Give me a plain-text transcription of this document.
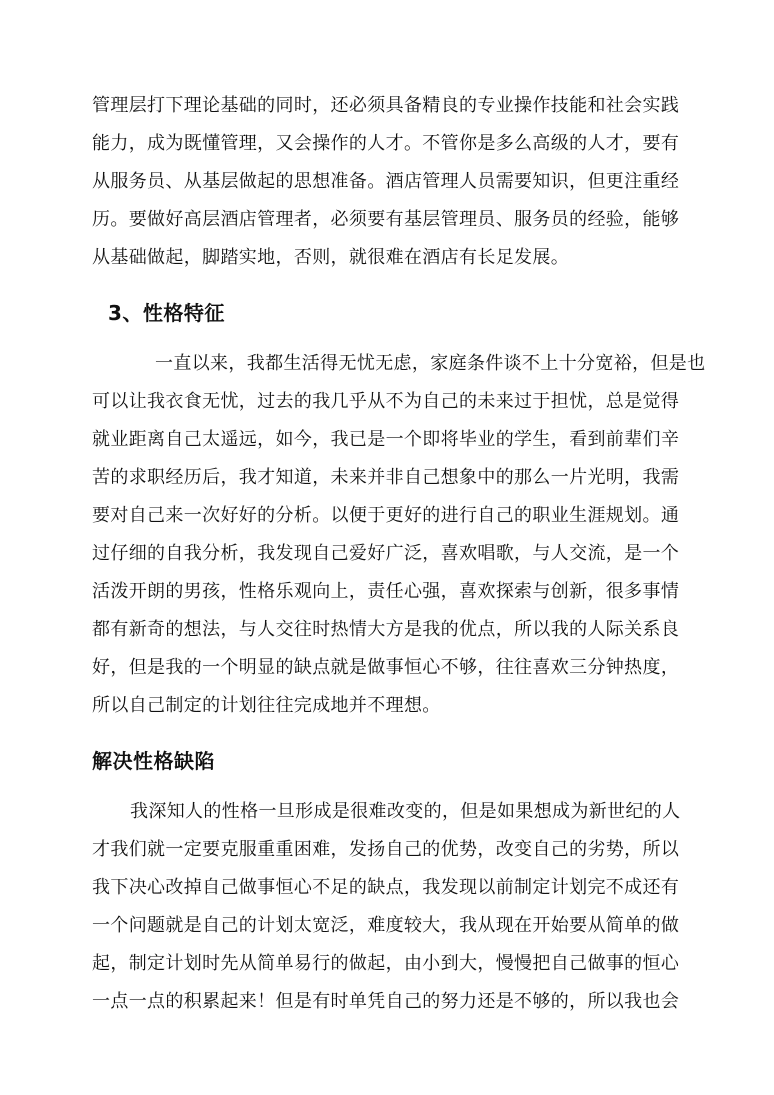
管理层打下理论基础的同时，还必须具备精良的专业操作技能和社会实践
能力，成为既懂管理，又会操作的人才。不管你是多么高级的人才，要有
从服务员、从基层做起的思想准备。酒店管理人员需要知识，但更注重经
历。要做好高层酒店管理者，必须要有基层管理员、服务员的经验，能够
从基础做起，脚踏实地，否则，就很难在酒店有长足发展。
3、性格特征
一直以来，我都生活得无忧无虑，家庭条件谈不上十分宽裕，但是也
可以让我衣食无忧，过去的我几乎从不为自己的未来过于担忧，总是觉得
就业距离自己太遥远，如今，我已是一个即将毕业的学生，看到前辈们辛
苦的求职经历后，我才知道，未来并非自己想象中的那么一片光明，我需
要对自己来一次好好的分析。以便于更好的进行自己的职业生涯规划。通
过仔细的自我分析，我发现自己爱好广泛，喜欢唱歌，与人交流，是一个
活泼开朗的男孩，性格乐观向上，责任心强，喜欢探索与创新，很多事情
都有新奇的想法，与人交往时热情大方是我的优点，所以我的人际关系良
好，但是我的一个明显的缺点就是做事恒心不够，往往喜欢三分钟热度，
所以自己制定的计划往往完成地并不理想。
解决性格缺陷
我深知人的性格一旦形成是很难改变的，但是如果想成为新世纪的人
才我们就一定要克服重重困难，发扬自己的优势，改变自己的劣势，所以
我下决心改掉自己做事恒心不足的缺点，我发现以前制定计划完不成还有
一个问题就是自己的计划太宽泛，难度较大，我从现在开始要从简单的做
起，制定计划时先从简单易行的做起，由小到大，慢慢把自己做事的恒心
一点一点的积累起来！但是有时单凭自己的努力还是不够的，所以我也会
